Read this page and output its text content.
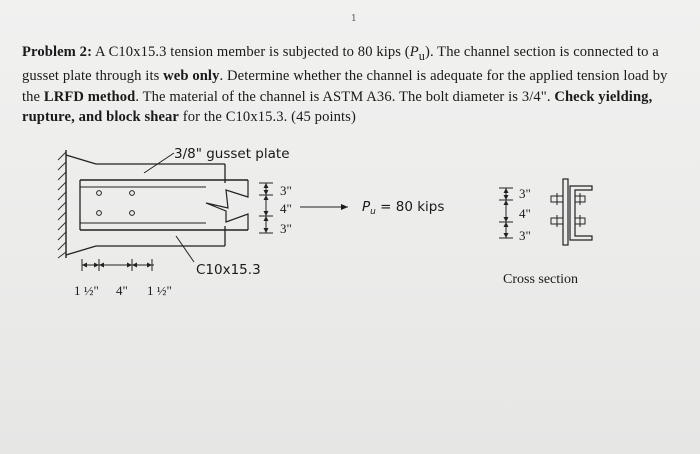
1

Problem 2: A C10x15.3 tension member is subjected to 80 kips $(P_u)$. The channel section is connected to a gusset plate through its web only. Determine whether the channel is adequate for the applied tension load by the LRFD method. The material of the channel is ASTM A36. The bolt diameter is 3/4". Check yielding, rupture, and block shear for the C10x15.3. (45 points)

3/8" gusset plate
C10x15.3
1 ½" 4" 1 ½"
3"
4"
3"
$P_u = 80$ kips
3"
4"
3"
Cross section
